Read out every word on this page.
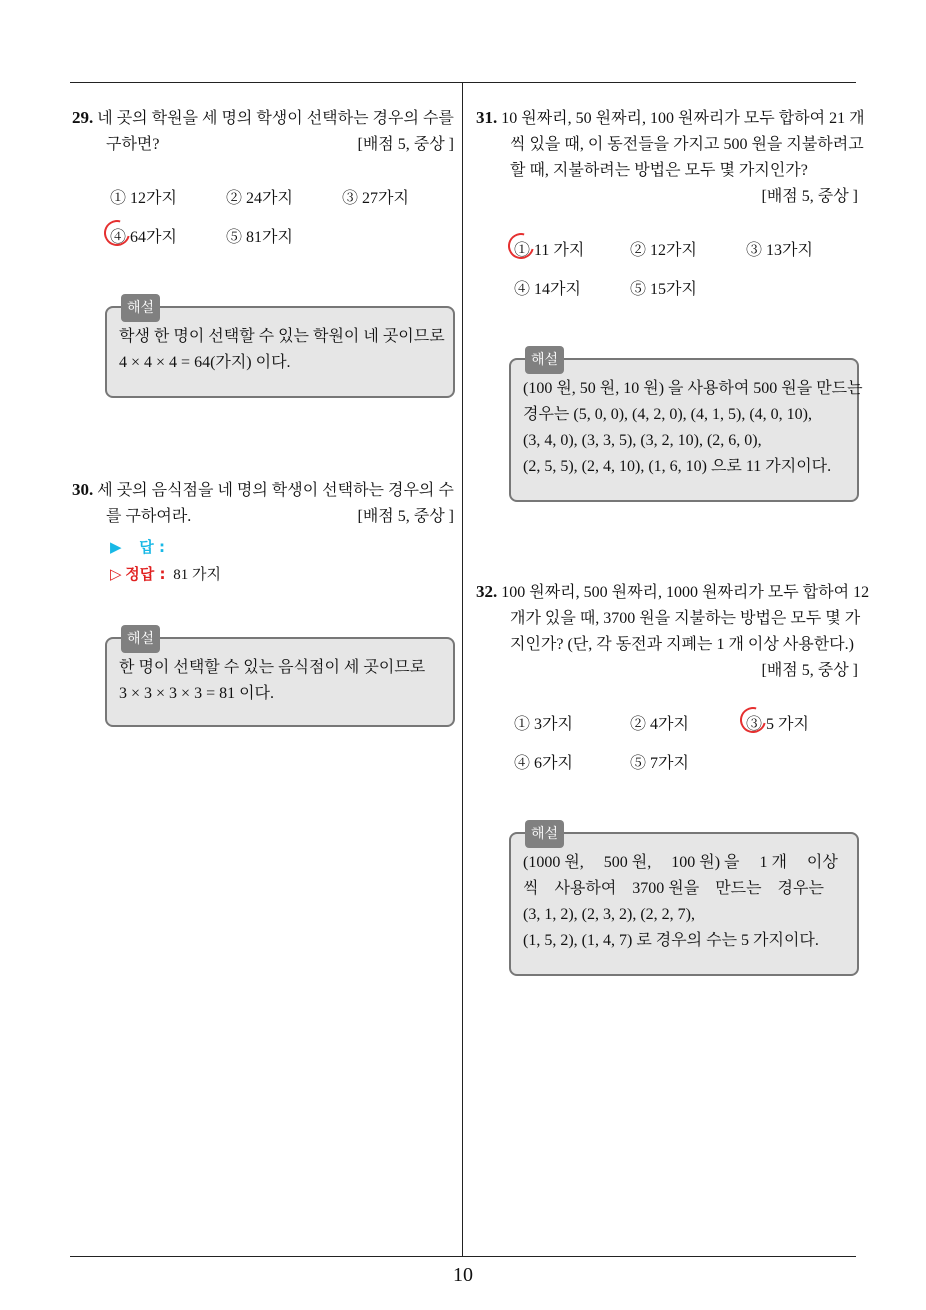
29. 네 곳의 학원을 세 명의 학생이 선택하는 경우의 수를
구하면?	[배점 5, 중상 ]
① 12가지	② 24가지	③ 27가지
④ 64가지	⑤ 81가지
해설
학생 한 명이 선택할 수 있는 학원이 네 곳이므로
4 × 4 × 4 = 64(가지) 이다.
30. 세 곳의 음식점을 네 명의 학생이 선택하는 경우의 수
를 구하여라.	[배점 5, 중상 ]
▶ 답 :
▷ 정답 : 81 가지
해설
한 명이 선택할 수 있는 음식점이 세 곳이므로
3 × 3 × 3 × 3 = 81 이다.
31. 10 원짜리, 50 원짜리, 100 원짜리가 모두 합하여 21 개
씩 있을 때, 이 동전들을 가지고 500 원을 지불하려고
할 때, 지불하려는 방법은 모두 몇 가지인가?
[배점 5, 중상 ]
① 11 가지	② 12가지	③ 13가지
④ 14가지	⑤ 15가지
해설
(100 원, 50 원, 10 원) 을 사용하여 500 원을 만드는
경우는 (5, 0, 0), (4, 2, 0), (4, 1, 5), (4, 0, 10),
(3, 4, 0), (3, 3, 5), (3, 2, 10), (2, 6, 0),
(2, 5, 5), (2, 4, 10), (1, 6, 10) 으로 11 가지이다.
32. 100 원짜리, 500 원짜리, 1000 원짜리가 모두 합하여 12
개가 있을 때, 3700 원을 지불하는 방법은 모두 몇 가
지인가? (단, 각 동전과 지폐는 1 개 이상 사용한다.)
[배점 5, 중상 ]
① 3가지	② 4가지	③ 5 가지
④ 6가지	⑤ 7가지
해설
(1000 원,     500 원,     100 원) 을     1 개     이상
씩    사용하여    3700 원을    만드는    경우는
(3, 1, 2), (2, 3, 2), (2, 2, 7),
(1, 5, 2), (1, 4, 7) 로 경우의 수는 5 가지이다.
10
